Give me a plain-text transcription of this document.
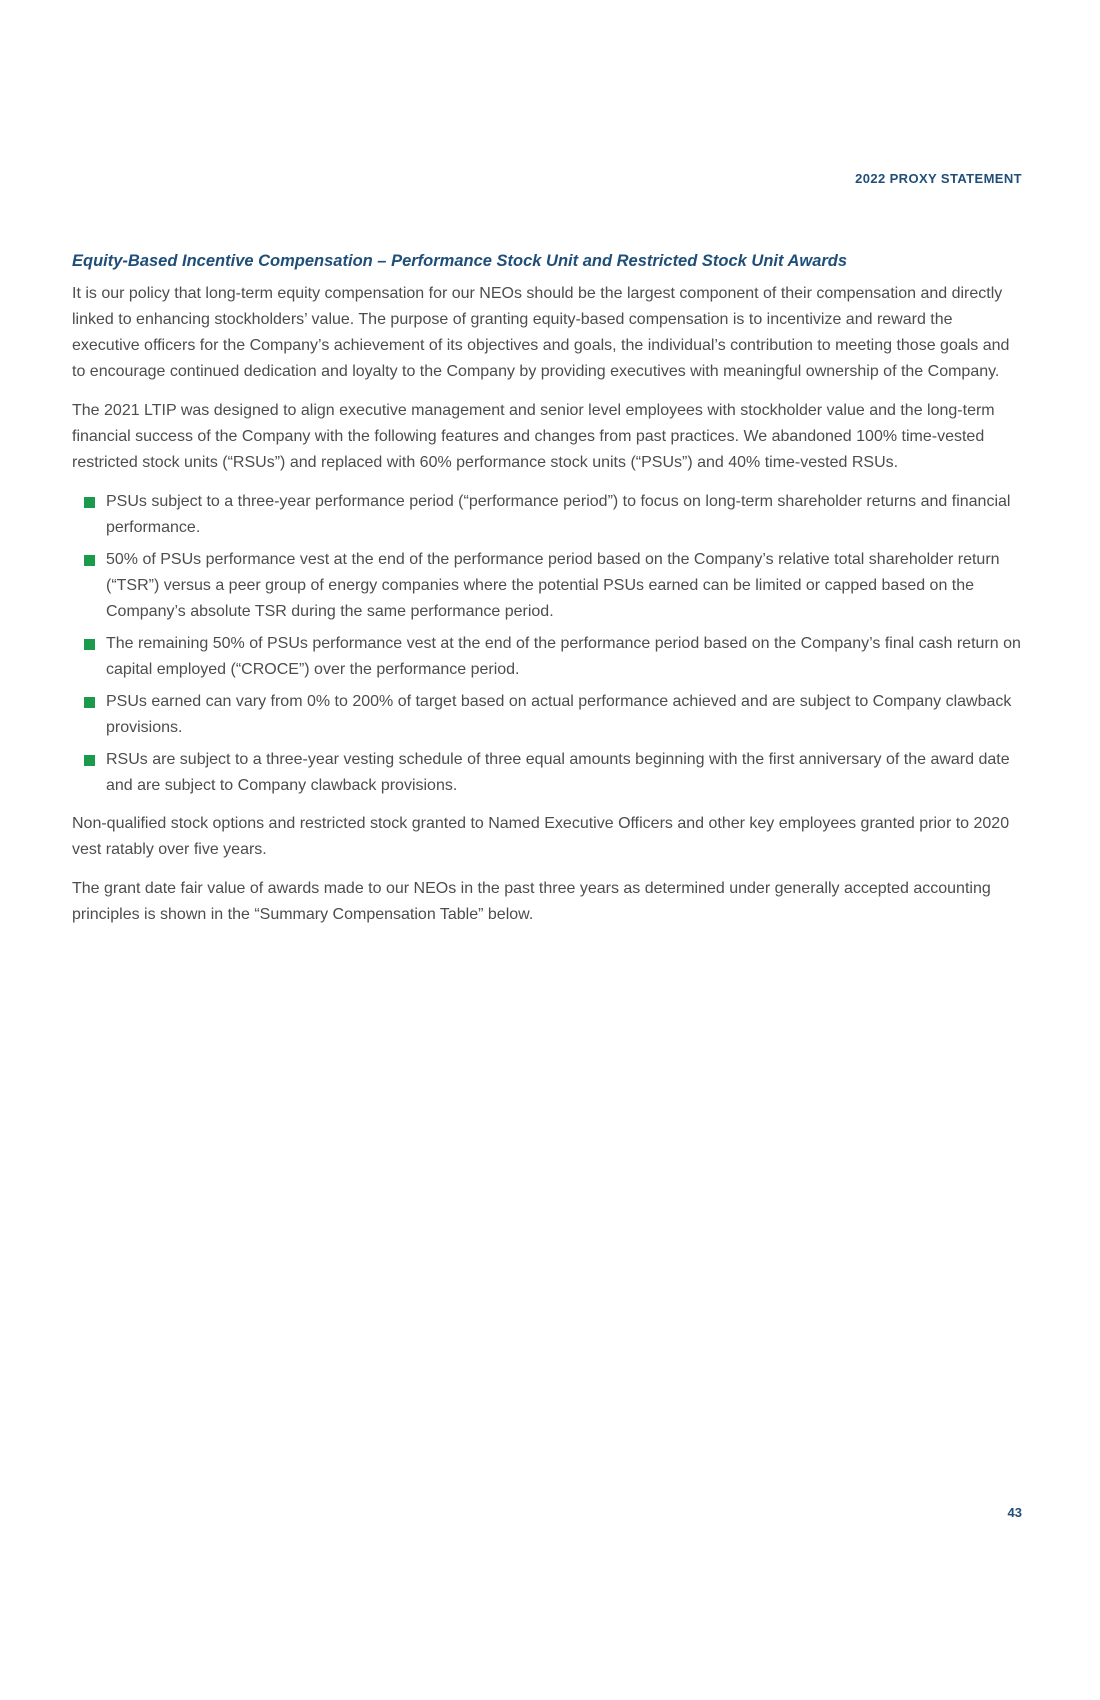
2022 PROXY STATEMENT
Equity-Based Incentive Compensation – Performance Stock Unit and Restricted Stock Unit Awards

It is our policy that long-term equity compensation for our NEOs should be the largest component of their compensation and directly linked to enhancing stockholders’ value. The purpose of granting equity-based compensation is to incentivize and reward the executive officers for the Company’s achievement of its objectives and goals, the individual’s contribution to meeting those goals and to encourage continued dedication and loyalty to the Company by providing executives with meaningful ownership of the Company.

The 2021 LTIP was designed to align executive management and senior level employees with stockholder value and the long-term financial success of the Company with the following features and changes from past practices. We abandoned 100% time-vested restricted stock units (“RSUs”) and replaced with 60% performance stock units (“PSUs”) and 40% time-vested RSUs.

PSUs subject to a three-year performance period (“performance period”) to focus on long-term shareholder returns and financial performance.
50% of PSUs performance vest at the end of the performance period based on the Company’s relative total shareholder return (“TSR”) versus a peer group of energy companies where the potential PSUs earned can be limited or capped based on the Company’s absolute TSR during the same performance period.
The remaining 50% of PSUs performance vest at the end of the performance period based on the Company’s final cash return on capital employed (“CROCE”) over the performance period.
PSUs earned can vary from 0% to 200% of target based on actual performance achieved and are subject to Company clawback provisions.
RSUs are subject to a three-year vesting schedule of three equal amounts beginning with the first anniversary of the award date and are subject to Company clawback provisions.

Non-qualified stock options and restricted stock granted to Named Executive Officers and other key employees granted prior to 2020 vest ratably over five years.

The grant date fair value of awards made to our NEOs in the past three years as determined under generally accepted accounting principles is shown in the “Summary Compensation Table” below.

43
